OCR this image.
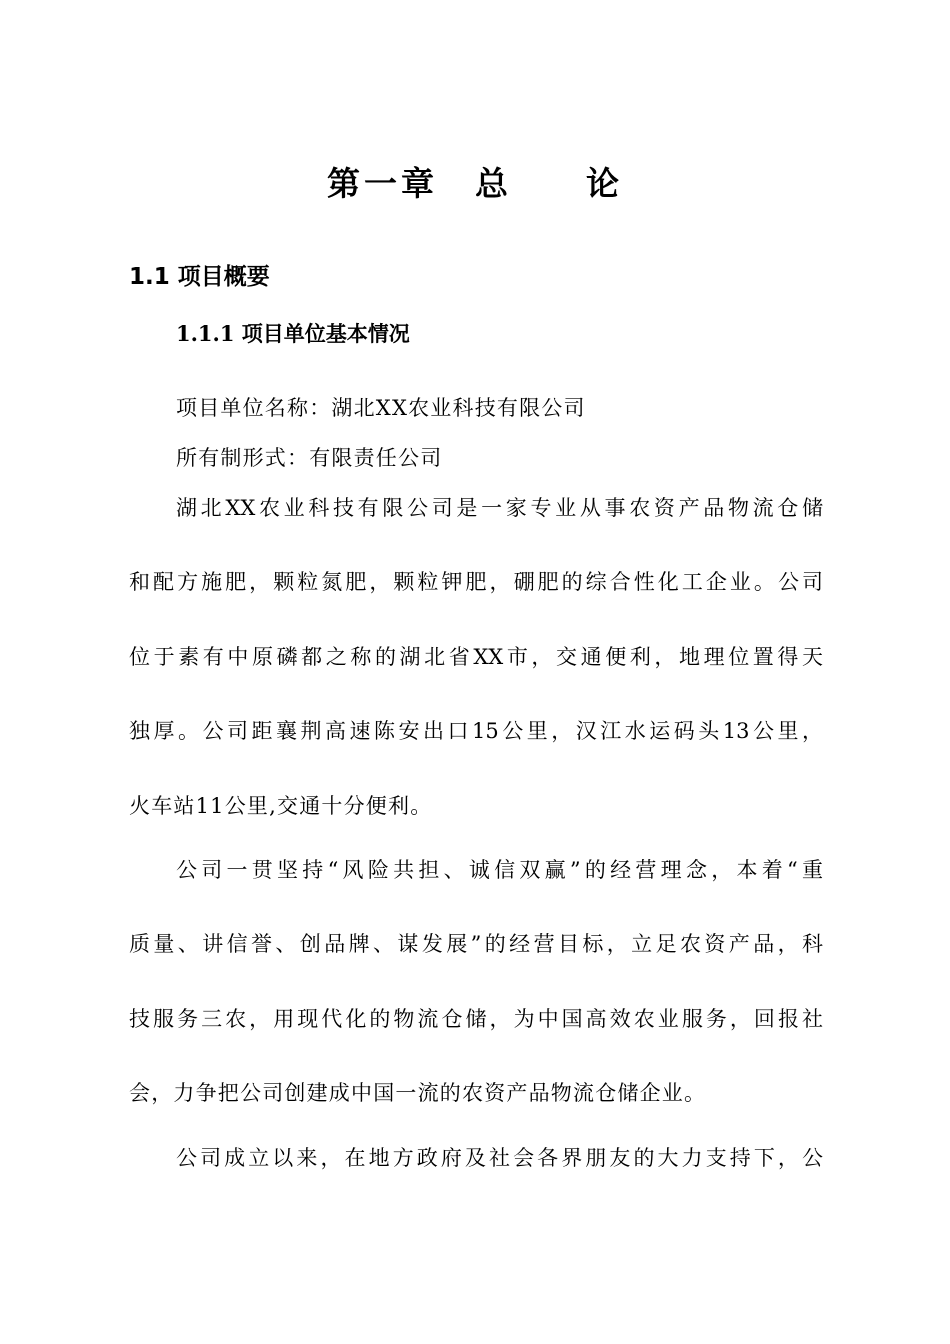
第一章　总　　论
1.1 项目概要
1.1.1 项目单位基本情况
项目单位名称：湖北XX农业科技有限公司
所有制形式：有限责任公司
湖北XX农业科技有限公司是一家专业从事农资产品物流仓储
和配方施肥，颗粒氮肥，颗粒钾肥，硼肥的综合性化工企业。公司
位于素有中原磷都之称的湖北省XX市，交通便利，地理位置得天
独厚。公司距襄荆高速陈安出口15公里，汉江水运码头13公里，
火车站11公里,交通十分便利。
公司一贯坚持“风险共担、诚信双赢”的经营理念，本着“重
质量、讲信誉、创品牌、谋发展”的经营目标，立足农资产品，科
技服务三农，用现代化的物流仓储，为中国高效农业服务，回报社
会，力争把公司创建成中国一流的农资产品物流仓储企业。
公司成立以来，在地方政府及社会各界朋友的大力支持下，公
